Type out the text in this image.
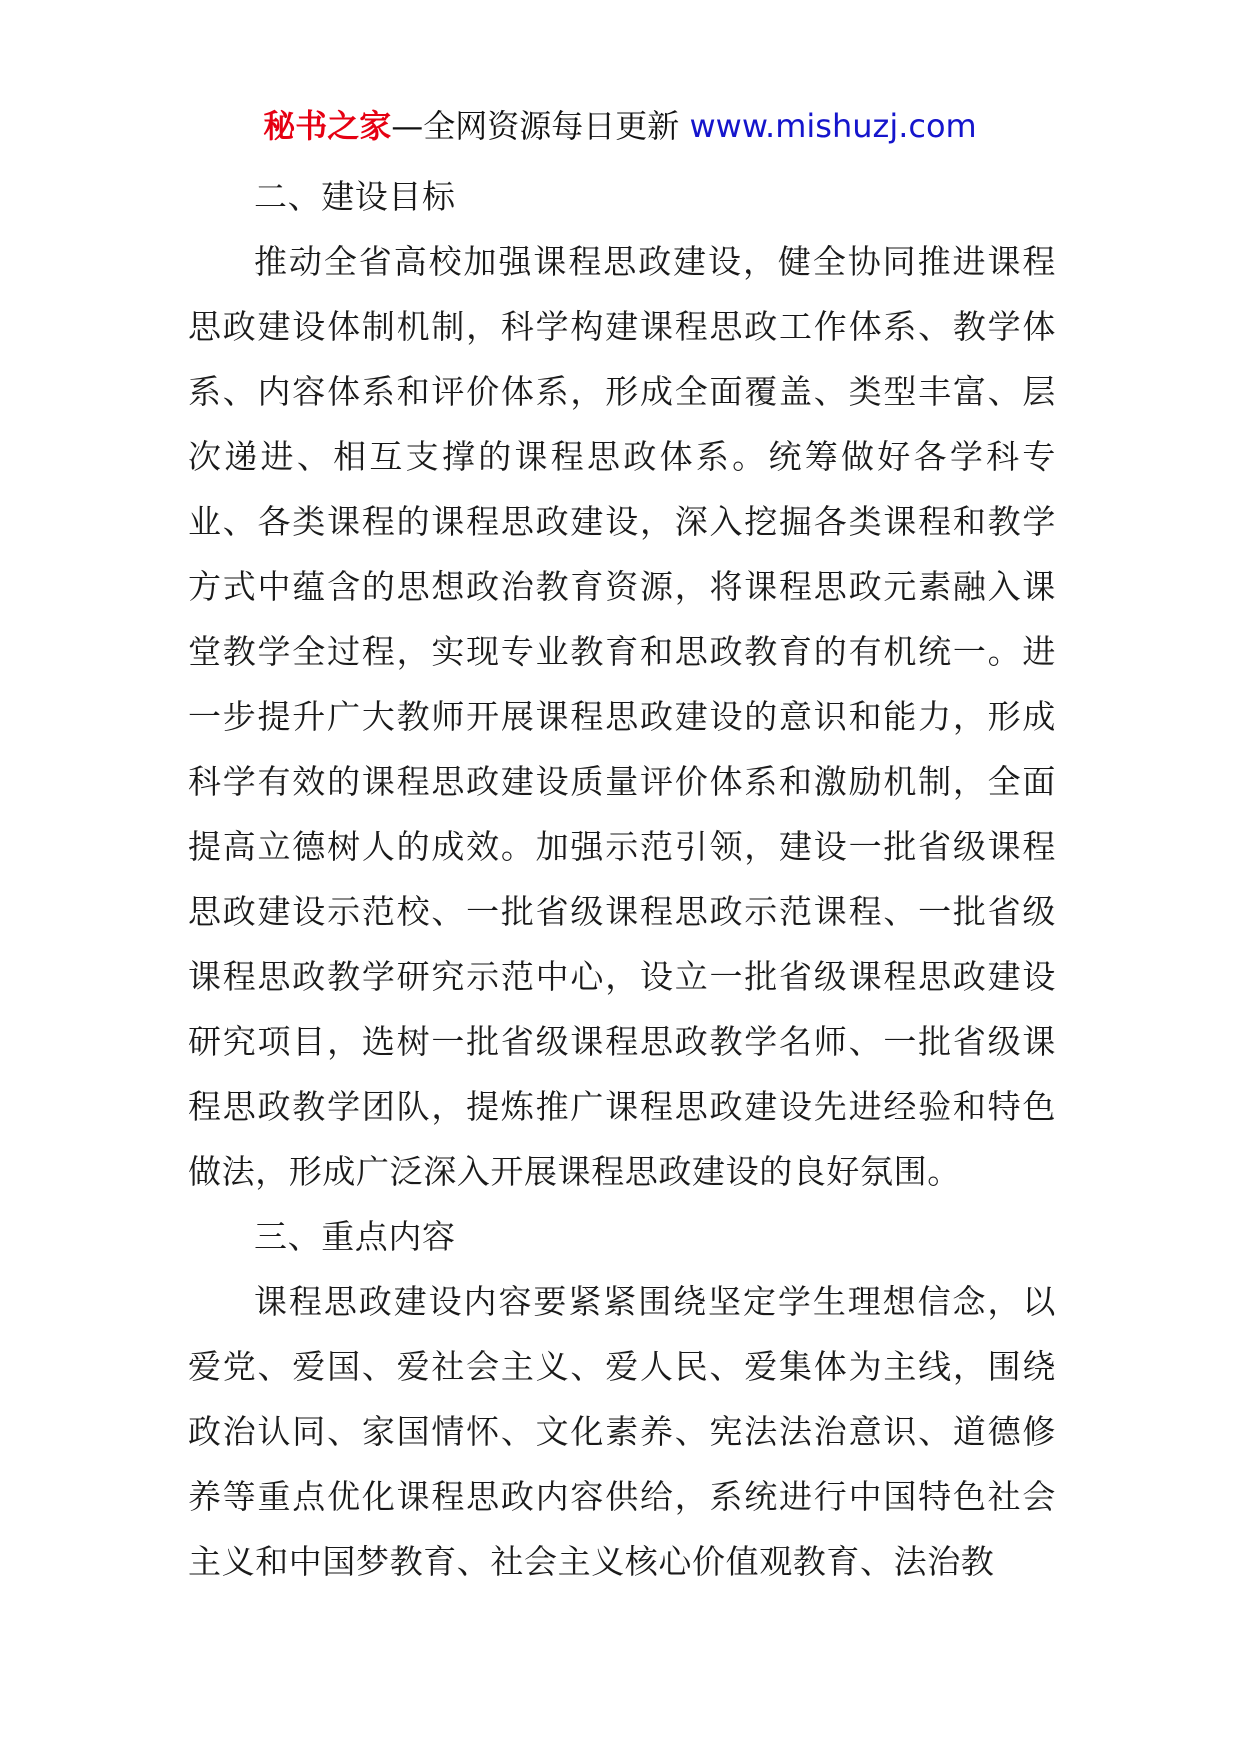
秘书之家—全网资源每日更新 www.mishuzj.com

二、建设目标

推动全省高校加强课程思政建设，健全协同推进课程思政建设体制机制，科学构建课程思政工作体系、教学体系、内容体系和评价体系，形成全面覆盖、类型丰富、层次递进、相互支撑的课程思政体系。统筹做好各学科专业、各类课程的课程思政建设，深入挖掘各类课程和教学方式中蕴含的思想政治教育资源，将课程思政元素融入课堂教学全过程，实现专业教育和思政教育的有机统一。进一步提升广大教师开展课程思政建设的意识和能力，形成科学有效的课程思政建设质量评价体系和激励机制，全面提高立德树人的成效。加强示范引领，建设一批省级课程思政建设示范校、一批省级课程思政示范课程、一批省级课程思政教学研究示范中心，设立一批省级课程思政建设研究项目，选树一批省级课程思政教学名师、一批省级课程思政教学团队，提炼推广课程思政建设先进经验和特色做法，形成广泛深入开展课程思政建设的良好氛围。

三、重点内容

课程思政建设内容要紧紧围绕坚定学生理想信念，以爱党、爱国、爱社会主义、爱人民、爱集体为主线，围绕政治认同、家国情怀、文化素养、宪法法治意识、道德修养等重点优化课程思政内容供给，系统进行中国特色社会主义和中国梦教育、社会主义核心价值观教育、法治教
